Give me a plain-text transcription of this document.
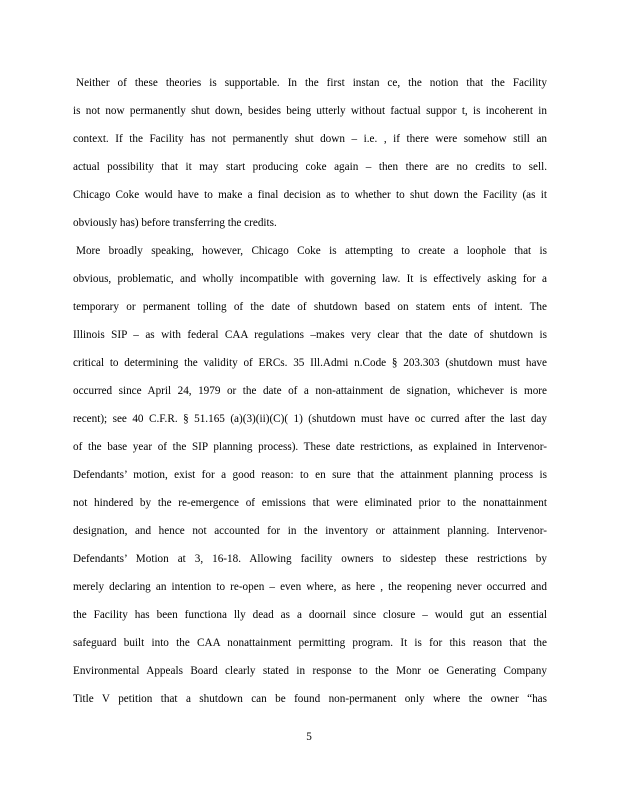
Neither of these theories is supportable. In the first instan ce, the notion that the Facility
is not now permanently shut down, besides being utterly without factual suppor t, is incoherent in
context. If the Facility has not permanently shut down – i.e. , if there were somehow still an
actual possibility that it may start producing coke again – then there are no credits to sell.
Chicago Coke would have to make a final decision as to whether to shut down the Facility (as it
obviously has) before transferring the credits.
More broadly speaking, however, Chicago Coke is attempting to create a loophole that is
obvious, problematic, and wholly incompatible with governing law. It is effectively asking for a
temporary or permanent tolling of the date of shutdown based on statem ents of intent. The
Illinois SIP – as with federal CAA regulations –makes very clear that the date of shutdown is
critical to determining the validity of ERCs. 35 Ill.Admi n.Code § 203.303 (shutdown must have
occurred since April 24, 1979 or the date of a non-attainment de signation, whichever is more
recent); see 40 C.F.R. § 51.165 (a)(3)(ii)(C)( 1) (shutdown must have oc curred after the last day
of the base year of the SIP planning process). These date restrictions, as explained in Intervenor-
Defendants’ motion, exist for a good reason: to en sure that the attainment planning process is
not hindered by the re-emergence of emissions that were eliminated prior to the nonattainment
designation, and hence not accounted for in the inventory or attainment planning. Intervenor-
Defendants’ Motion at 3, 16-18. Allowing facility owners to sidestep these restrictions by
merely declaring an intention to re-open – even where, as here , the reopening never occurred and
the Facility has been functiona lly dead as a doornail since closure – would gut an essential
safeguard built into the CAA nonattainment permitting program. It is for this reason that the
Environmental Appeals Board clearly stated in response to the Monr oe Generating Company
Title V petition that a shutdown can be found non-permanent only where the owner “has
5
